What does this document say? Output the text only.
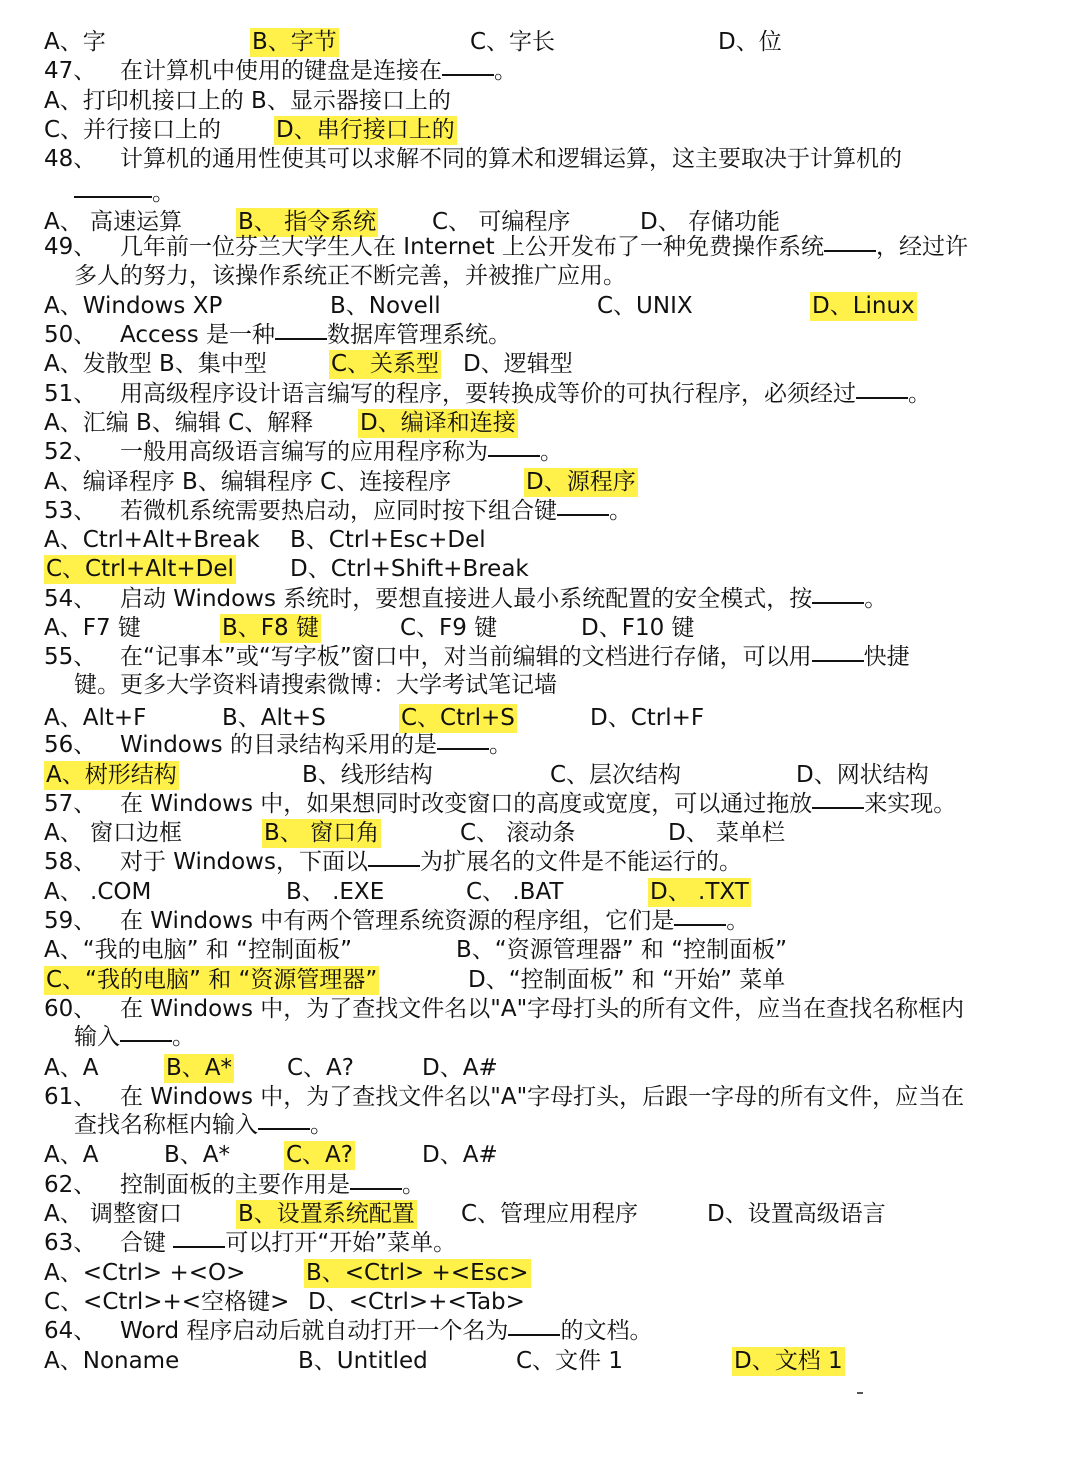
A、字	B、字节	C、字长	D、位
47、 在计算机中使用的键盘是连接在 。
A、打印机接口上的 B、显示器接口上的
C、并行接口上的 D、串行接口上的
48、 计算机的通用性使其可以求解不同的算术和逻辑运算，这主要取决于计算机的
。
A、 高速运算 B、 指令系统 C、 可编程序	D、 存储功能
49、 几年前一位芬兰大学生人在 Internet 上公开发布了一种免费操作系统 ，经过许
多人的努力，该操作系统正不断完善，并被推广应用。
A、Windows XP	B、Novell	C、UNIX	D、Linux
50、 Access 是一种 数据库管理系统。
A、发散型 B、集中型	C、关系型 D、逻辑型
51、 用高级程序设计语言编写的程序，要转换成等价的可执行程序，必须经过 。
A、汇编 B、编辑 C、解释 D、编译和连接
52、 一般用高级语言编写的应用程序称为 。
A、编译程序 B、编辑程序 C、连接程序	D、源程序
53、 若微机系统需要热启动，应同时按下组合键 。
A、Ctrl+Alt+Break B、Ctrl+Esc+Del
C、Ctrl+Alt+Del D、Ctrl+Shift+Break
54、 启动 Windows 系统时，要想直接进人最小系统配置的安全模式，按 。
A、F7 键	B、F8 键	C、F9 键	D、F10 键
55、 在“记事本”或“写字板”窗口中，对当前编辑的文档进行存储，可以用 快捷
键。更多大学资料请搜索微博：大学考试笔记墙
A、Alt+F	B、Alt+S	C、Ctrl+S	D、Ctrl+F
56、 Windows 的目录结构采用的是 。
A、树形结构	B、线形结构	C、层次结构	D、网状结构
57、 在 Windows 中，如果想同时改变窗口的高度或宽度，可以通过拖放 来实现。
A、 窗口边框	B、 窗口角	C、 滚动条	D、 菜单栏
58、 对于 Windows，下面以 为扩展名的文件是不能运行的。
A、 .COM	B、 .EXE	C、 .BAT	D、 .TXT
59、 在 Windows 中有两个管理系统资源的程序组，它们是 。
A、“我的电脑” 和 “控制面板”	B、“资源管理器” 和 “控制面板”
C、“我的电脑” 和 “资源管理器”	D、“控制面板” 和 “开始” 菜单
60、 在 Windows 中，为了查找文件名以"A"字母打头的所有文件，应当在查找名称框内
输入 。
A、A	B、A* C、A?	D、A#
61、 在 Windows 中，为了查找文件名以"A"字母打头，后跟一字母的所有文件，应当在
查找名称框内输入 。
A、A	B、A* C、A?	D、A#
62、 控制面板的主要作用是 。
A、 调整窗口 B、设置系统配置 C、管理应用程序	D、设置高级语言
63、 合键 可以打开“开始”菜单。
A、<Ctrl> +<O>	B、<Ctrl> +<Esc>
C、<Ctrl>+<空格键> D、<Ctrl>+<Tab>
64、 Word 程序启动后就自动打开一个名为 的文档。
A、Noname	B、Untitled	C、文件 1	D、文档 1
